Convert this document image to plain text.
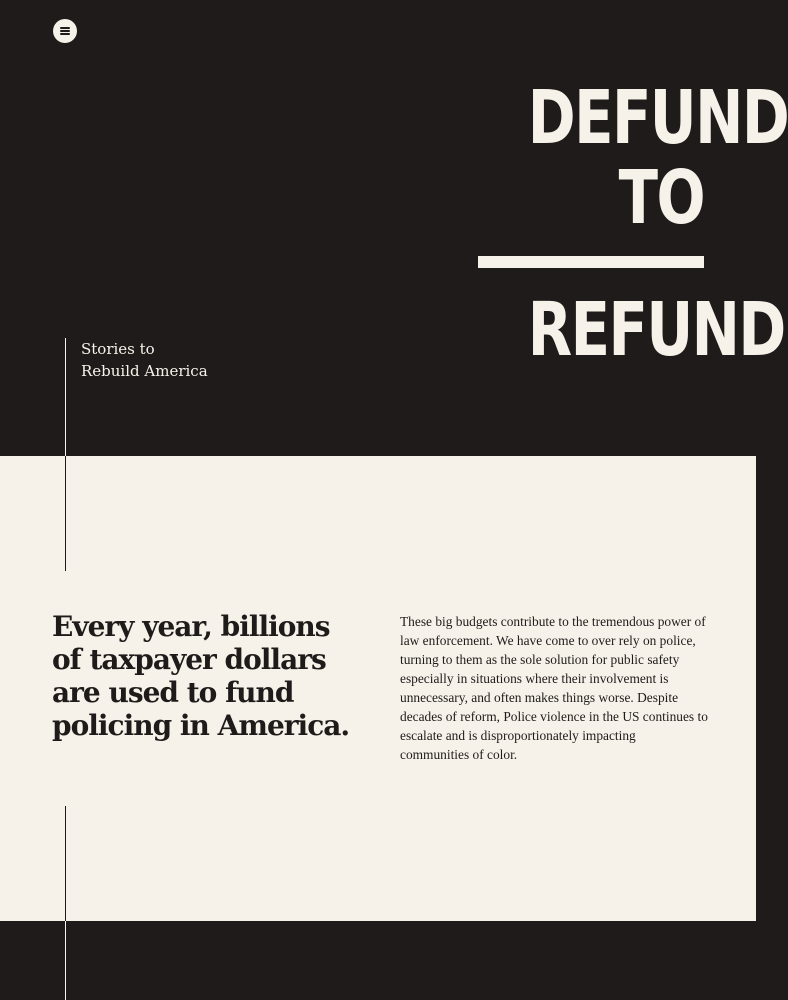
DEFUND
TO
REFUND
Stories to
Rebuild America
Every year, billions of taxpayer dollars are used to fund policing in America.

These big budgets contribute to the tremendous power of law enforcement. We have come to over rely on police, turning to them as the sole solution for public safety especially in situations where their involvement is unnecessary, and often makes things worse. Despite decades of reform, Police violence in the US continues to escalate and is disproportionately impacting communities of color.
